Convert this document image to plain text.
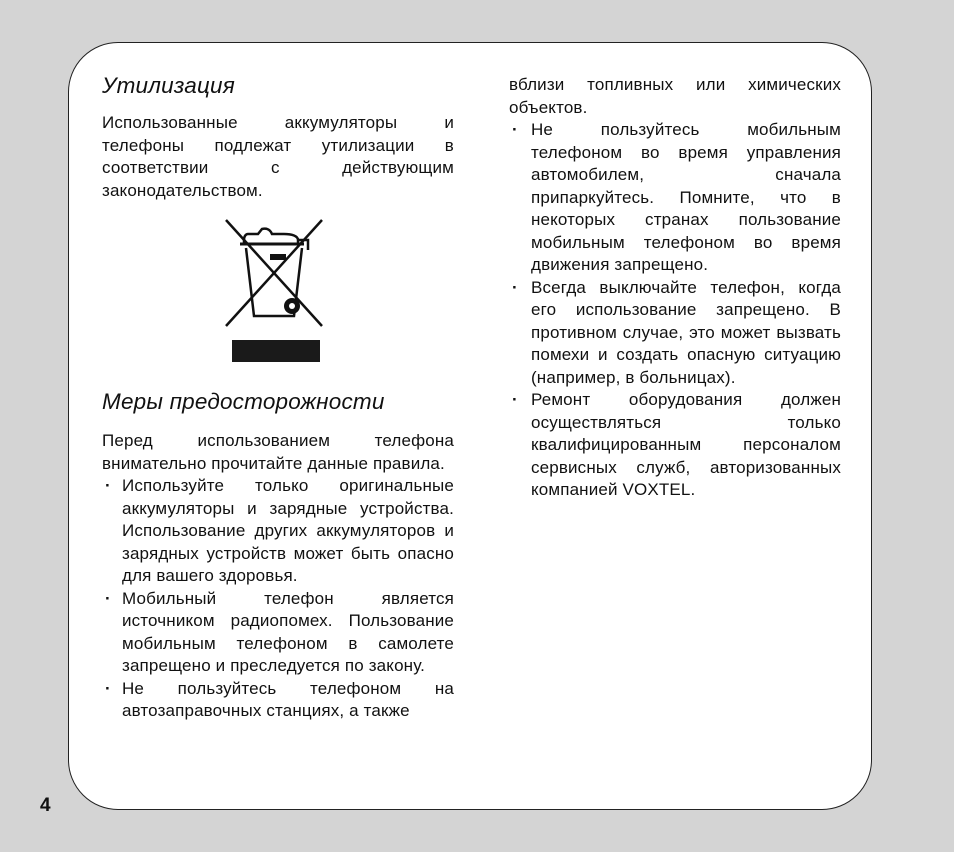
Утилизация

Использованные аккумуляторы и телефоны подлежат утилизации в соответствии с действующим законодательством.

Меры предосторожности

Перед использованием телефона внимательно прочитайте данные правила.

· Используйте только оригинальные аккумуляторы и зарядные устройства. Использование других аккумуляторов и зарядных устройств может быть опасно для вашего здоровья.
· Мобильный телефон является источником радиопомех. Пользование мобильным телефоном в самолете запрещено и преследуется по закону.
· Не пользуйтесь телефоном на автозаправочных станциях, а также

вблизи топливных или химических объектов.

· Не пользуйтесь мобильным телефоном во время управления автомобилем, сначала припаркуйтесь. Помните, что в некоторых странах пользование мобильным телефоном во время движения запрещено.
· Всегда выключайте телефон, когда его использование запрещено. В противном случае, это может вызвать помехи и создать опасную ситуацию (например, в больницах).
· Ремонт оборудования должен осуществляться только квалифицированным персоналом сервисных служб, авторизованных компанией VOXTEL.
4
